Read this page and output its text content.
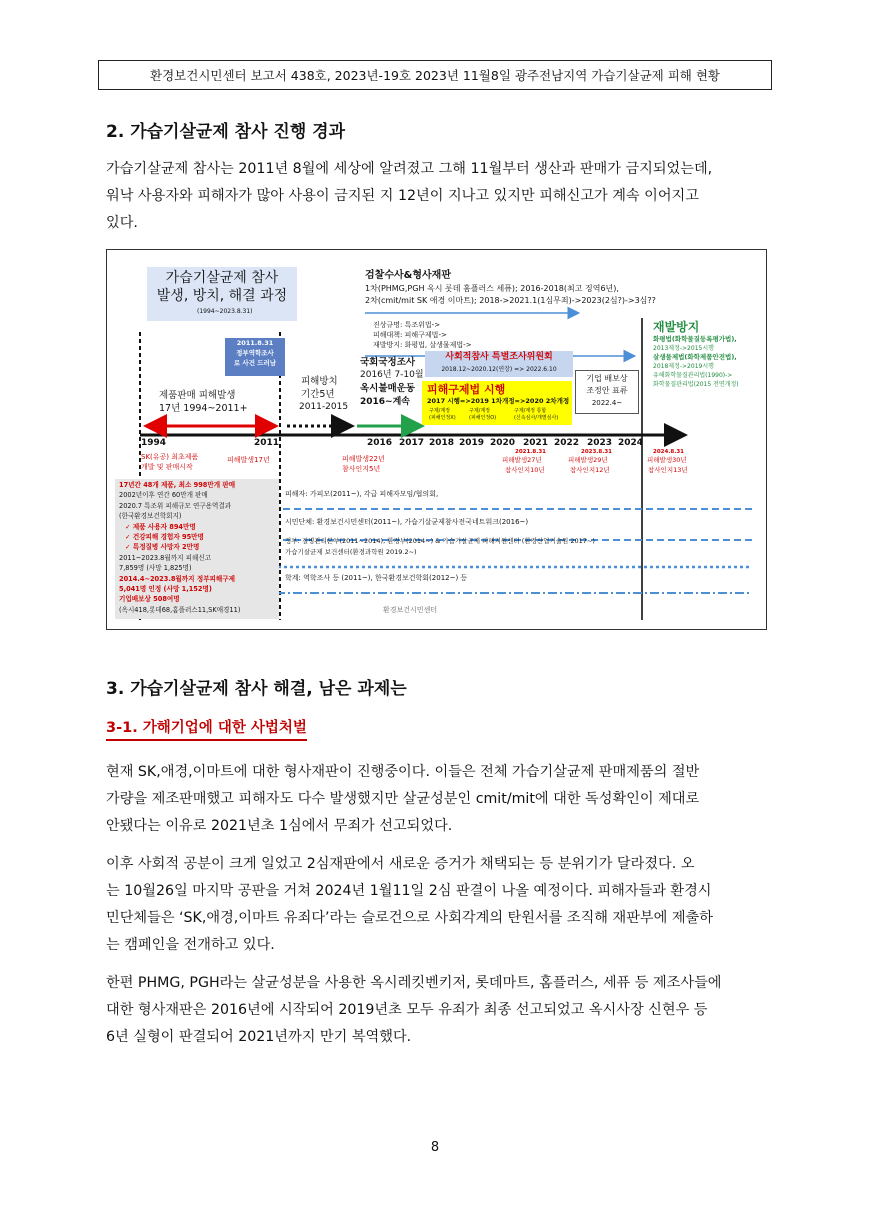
환경보건시민센터 보고서 438호, 2023년-19호 2023년 11월8일 광주전남지역 가습기살균제 피해 현황
2. 가습기살균제 참사 진행 경과
가습기살균제 참사는 2011년 8월에 세상에 알려졌고 그해 11월부터 생산과 판매가 금지되었는데,
워낙 사용자와 피해자가 많아 사용이 금지된 지 12년이 지나고 있지만 피해신고가 계속 이어지고
있다.
가습기살균제 참사
발생, 방치, 해결 과정
(1994~2023.8.31)
검찰수사&형사재판
1차(PHMG,PGH 옥시 롯데 홈플러스 세퓨); 2016-2018(최고 징역6년),
2차(cmit/mit SK 애경 이마트); 2018->2021.1(1심무죄)->2023(2심?)->3심??
진상규명: 특조위법->
피해대책: 피해구제법->
재발방지: 화평법, 살생물제법->
재발방지
화평법(화학물질등록평가법),
2013제정->2015시행
살생물제법(화학제품안전법),
2018제정->2019시행
유해화학물질관리법(1990)->
화학물질관리법(2015 전면개정)
2011.8.31
정부역학조사
로 사건 드러남
제품판매 피해발생
17년 1994~2011+
피해방치
기간5년
2011-2015
국회국정조사
2016년 7-10월
옥시불매운동
2016~계속
사회적참사 특별조사위원회
2018.12~2020.12(연장) => 2022.6.10
피해구제법 시행
2017 시행=>2019 1차개정=>2020 2차개정
구제/계정
(피해인정X)
구제/계정
(피해인정O)
구제/계정 통합
(신속심사/개별심사)
기업 배보상
조정안 표류
2022.4~
1994	2011	2016 2017 2018 2019 2020 2021 2022 2023 2024
SK(유공) 최초제품
개발 및 판매시작
피해발생17년	피해발생22년
참사인지5년
2021.8.31
피해발생27년
참사인지10년
2023.8.31
피해발생29년
참사인지12년
2024.8.31
피해발생30년
참사인지13년
17년간 48개 제품, 최소 998만개 판매
2002년이후 연간 60만개 판매
2020.7 특조위 피해규모 연구용역결과
(한국환경보건학회지)
✓ 제품 사용자 894만명
✓ 건강피해 경험자 95만명
✓ 특정질병 사망자 2만명
2011~2023.8월까지 피해신고
7,859명 (사망 1,825명)
2014.4~2023.8월까지 정부피해구제
5,041명 인정 (사망 1,152명)
기업배보상 508여명
(옥시418,롯데68,홈플러스11,SK애경11)
피해자: 가피모(2011~), 각급 피해자모임/협의회,
시민단체: 환경보건시민센터(2011~), 가습기살균제참사전국네트워크(2016~)
정부: 질병관리본부(2011~2014), 환경부(2014~) & 가습기살균제 피해지원센터 (환경산업기술원 2017~)
가습기살균제 보건센터(환경과학원 2019.2~)
학계: 역학조사 등 (2011~), 한국환경보건학회(2012~) 등
환경보건시민센터
3. 가습기살균제 참사 해결, 남은 과제는
3-1. 가해기업에 대한 사법처벌
현재 SK,애경,이마트에 대한 형사재판이 진행중이다. 이들은 전체 가습기살균제 판매제품의 절반
가량을 제조판매했고 피해자도 다수 발생했지만 살균성분인 cmit/mit에 대한 독성확인이 제대로
안됐다는 이유로 2021년초 1심에서 무죄가 선고되었다.
이후 사회적 공분이 크게 일었고 2심재판에서 새로운 증거가 채택되는 등 분위기가 달라졌다. 오
는 10월26일 마지막 공판을 거쳐 2024년 1월11일 2심 판결이 나올 예정이다. 피해자들과 환경시
민단체들은 ‘SK,애경,이마트 유죄다’라는 슬로건으로 사회각계의 탄원서를 조직해 재판부에 제출하
는 캠페인을 전개하고 있다.
한편 PHMG, PGH라는 살균성분을 사용한 옥시레킷벤키저, 롯데마트, 홈플러스, 세퓨 등 제조사들에
대한 형사재판은 2016년에 시작되어 2019년초 모두 유죄가 최종 선고되었고 옥시사장 신현우 등
6년 실형이 판결되어 2021년까지 만기 복역했다.
8
